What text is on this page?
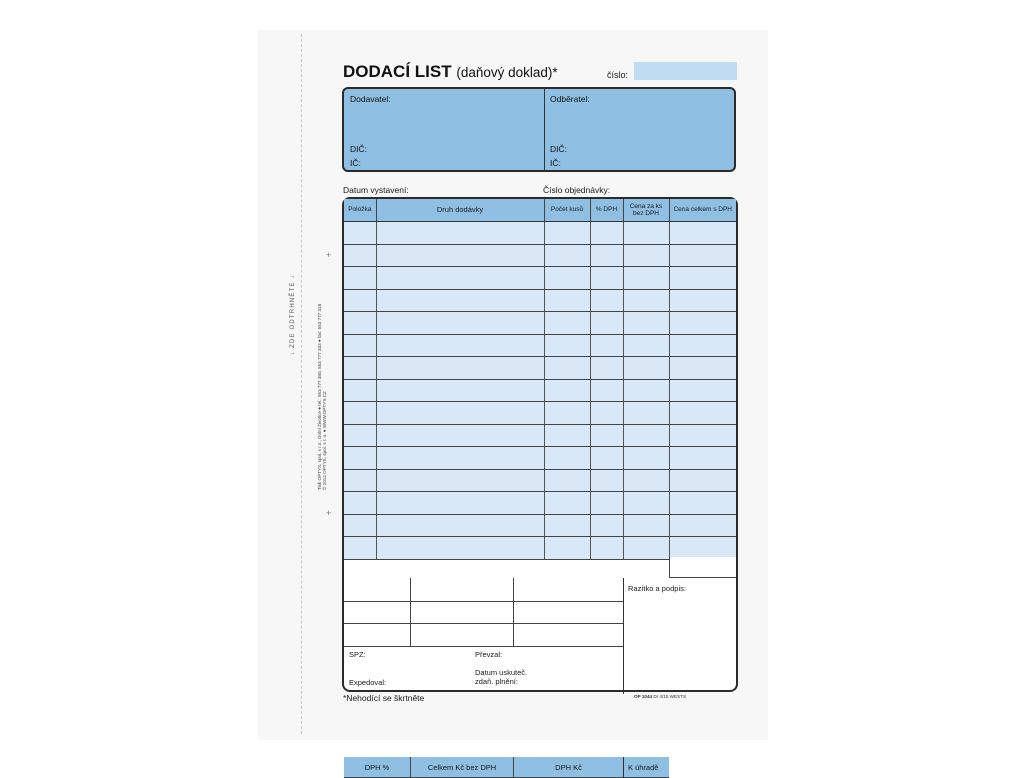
↓ ZDE ODTRHNĚTE ↓	Tisk OPTYS, spol. s r.o., Dolní Životice ● tel.: 553 777 380, 553 777 333 ● fax: 553 777 318 © 2012 OPTYS, spol. s r. o. ● WWW.OPTYS.CZ
+
+
DODACÍ LIST (daňový doklad)*	číslo:
Dodavatel:
DIČ:
IČ:
Odběratel:
DIČ:
IČ:
Datum vystavení:	Číslo objednávky:
Položka	Druh dodávky	Počet kusů	% DPH	Cena za ks bez DPH	Cena celkem s DPH

DPH %	Celkem Kč bez DPH	DPH Kč	K úhradě
Razítko a podpis:
SPZ:	Převzal:
Expedoval:
Datum uskuteč. zdaň. plnění:
*Nehodící se škrtněte	OP 1044 Dr 4/15 WESTS
